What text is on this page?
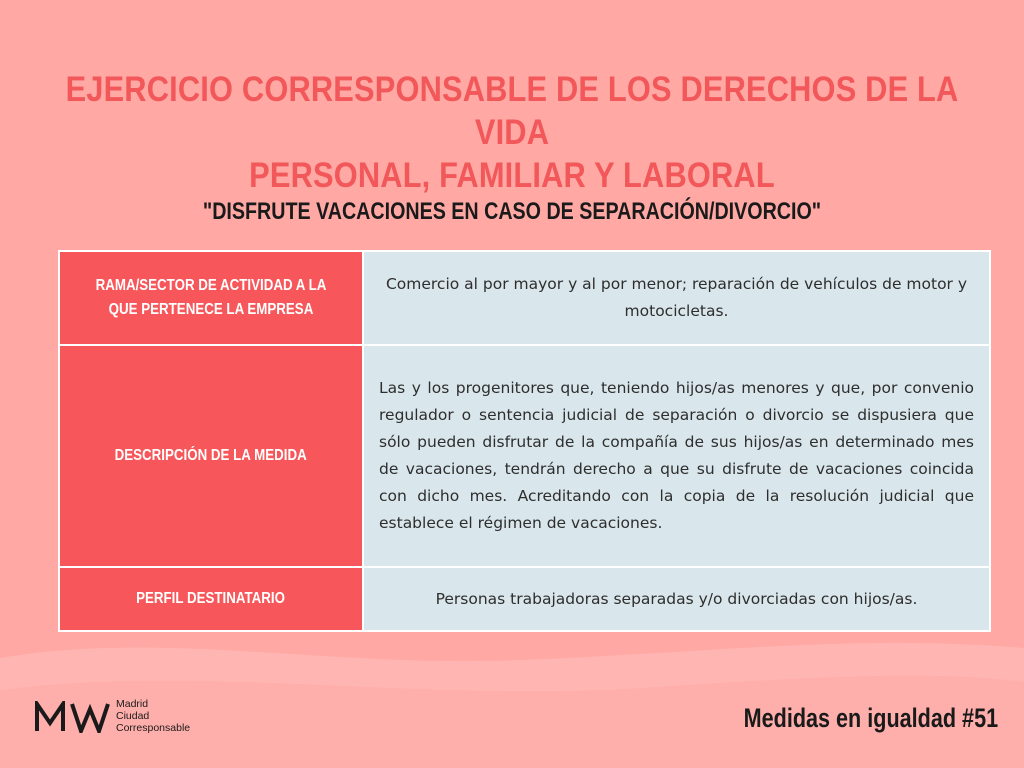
EJERCICIO CORRESPONSABLE DE LOS DERECHOS DE LA VIDA
PERSONAL, FAMILIAR Y LABORAL
"DISFRUTE VACACIONES EN CASO DE SEPARACIÓN/DIVORCIO"
RAMA/SECTOR DE ACTIVIDAD A LA QUE PERTENECE LA EMPRESA	Comercio al por mayor y al por menor; reparación de vehículos de motor y motocicletas.
DESCRIPCIÓN DE LA MEDIDA	Las y los progenitores que, teniendo hijos/as menores y que, por convenio regulador o sentencia judicial de separación o divorcio se dispusiera que sólo pueden disfrutar de la compañía de sus hijos/as en determinado mes de vacaciones, tendrán derecho a que su disfrute de vacaciones coincida con dicho mes. Acreditando con la copia de la resolución judicial que establece el régimen de vacaciones.
PERFIL DESTINATARIO	Personas trabajadoras separadas y/o divorciadas con hijos/as.
Madrid
Ciudad
Corresponsable	Medidas en igualdad #51
